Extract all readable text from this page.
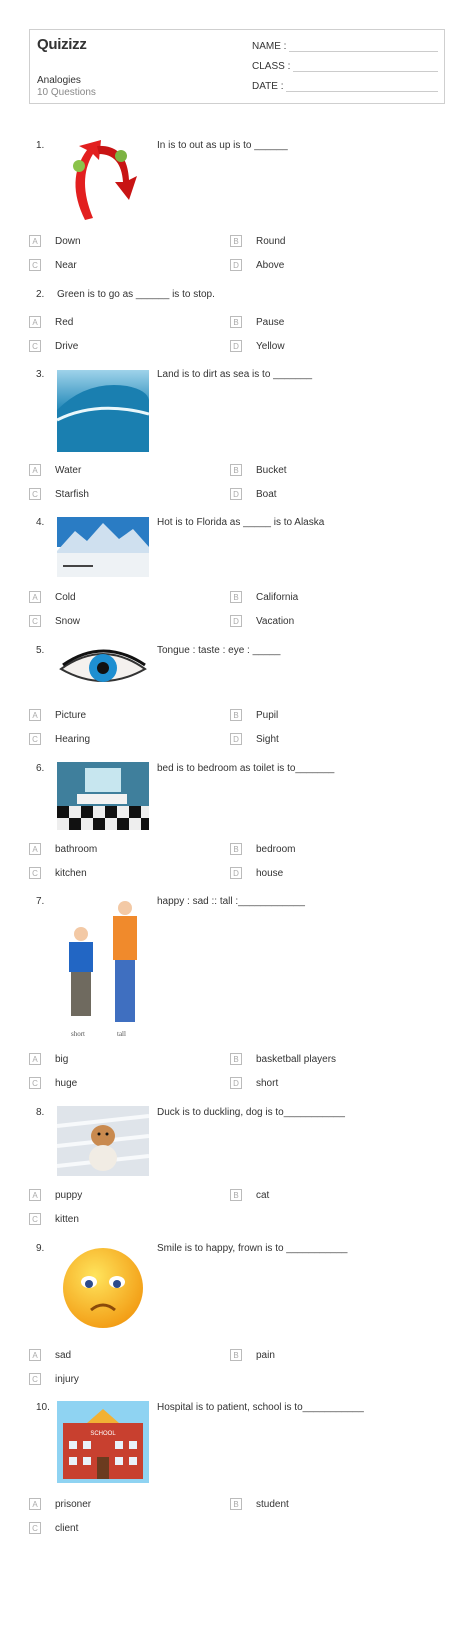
Quizizz
Analogies
10 Questions
NAME :
CLASS :
DATE :
1.	In is to out as up is to ______
A	Down	B	Round
C	Near	D	Above
2. Green is to go as ______ is to stop.
A	Red	B	Pause
C	Drive	D	Yellow
3.	Land is to dirt as sea is to _______
A	Water	B	Bucket
C	Starfish	D	Boat
4.	Hot is to Florida as _____ is to Alaska
A	Cold	B	California
C	Snow	D	Vacation
5.	Tongue : taste : eye : _____
A	Picture	B	Pupil
C	Hearing	D	Sight
6.	bed is to bedroom as toilet is to_______
A	bathroom	B	bedroom
C	kitchen	D	house
7.
short	tall
happy : sad :: tall :____________
A	big	B	basketball players
C	huge	D	short
8.	Duck is to duckling, dog is to___________
A	puppy	B	cat
C	kitten
9.	Smile is to happy, frown is to ___________
A	sad	B	pain
C	injury
10.
SCHOOL
Hospital is to patient, school is to___________
A	prisoner	B	student
C	client
